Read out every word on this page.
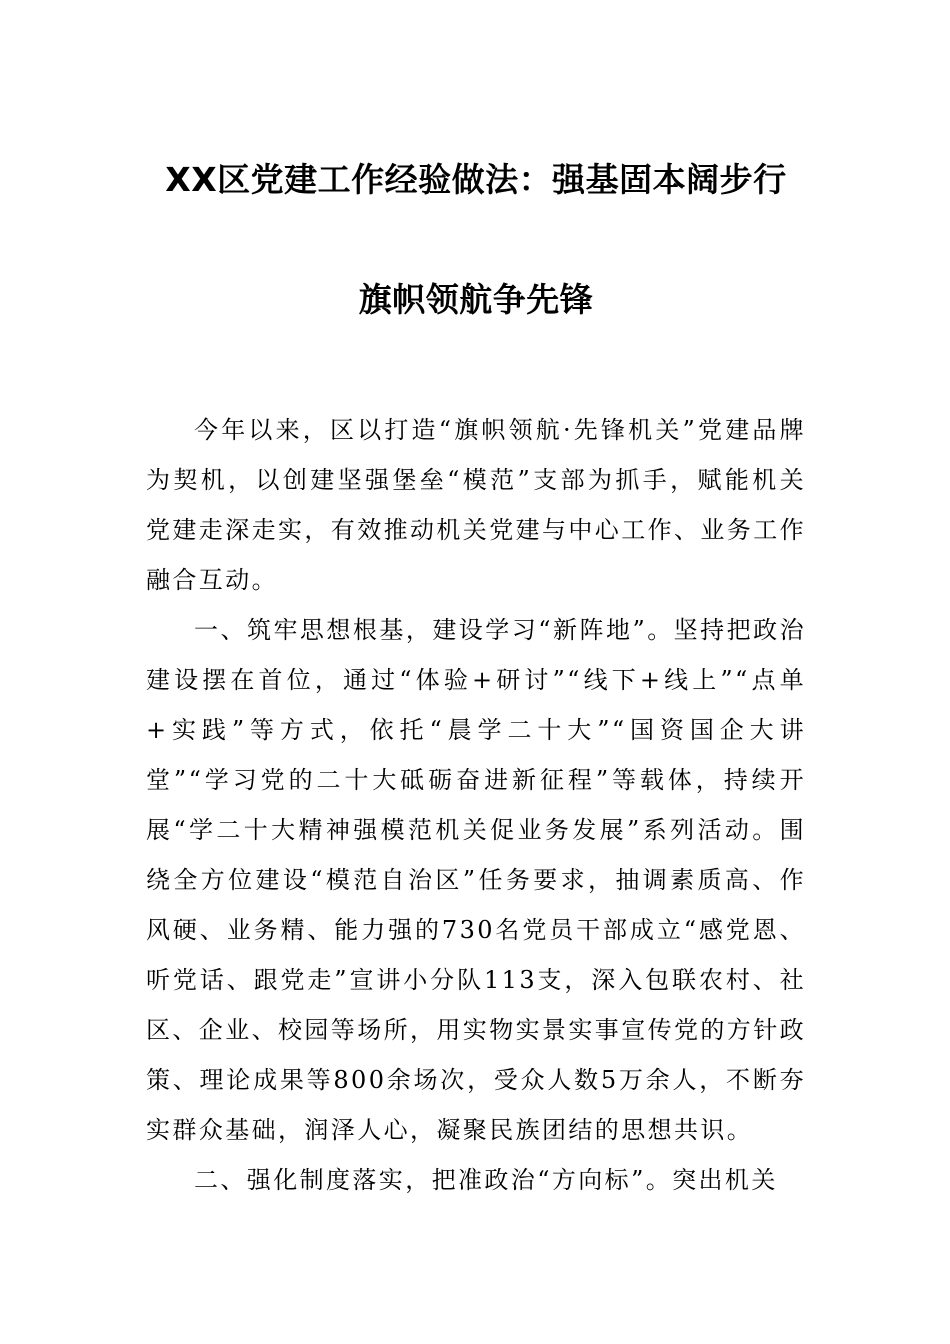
XX区党建工作经验做法：强基固本阔步行
旗帜领航争先锋

今年以来，区以打造“旗帜领航·先锋机关”党建品牌为契机，以创建坚强堡垒“模范”支部为抓手，赋能机关党建走深走实，有效推动机关党建与中心工作、业务工作融合互动。

一、筑牢思想根基，建设学习“新阵地”。坚持把政治建设摆在首位，通过“体验+研讨”“线下+线上”“点单+实践”等方式，依托“晨学二十大”“国资国企大讲堂”“学习党的二十大砥砺奋进新征程”等载体，持续开展“学二十大精神强模范机关促业务发展”系列活动。围绕全方位建设“模范自治区”任务要求，抽调素质高、作风硬、业务精、能力强的730名党员干部成立“感党恩、听党话、跟党走”宣讲小分队113支，深入包联农村、社区、企业、校园等场所，用实物实景实事宣传党的方针政策、理论成果等800余场次，受众人数5万余人，不断夯实群众基础，润泽人心，凝聚民族团结的思想共识。

二、强化制度落实，把准政治“方向标”。突出机关
